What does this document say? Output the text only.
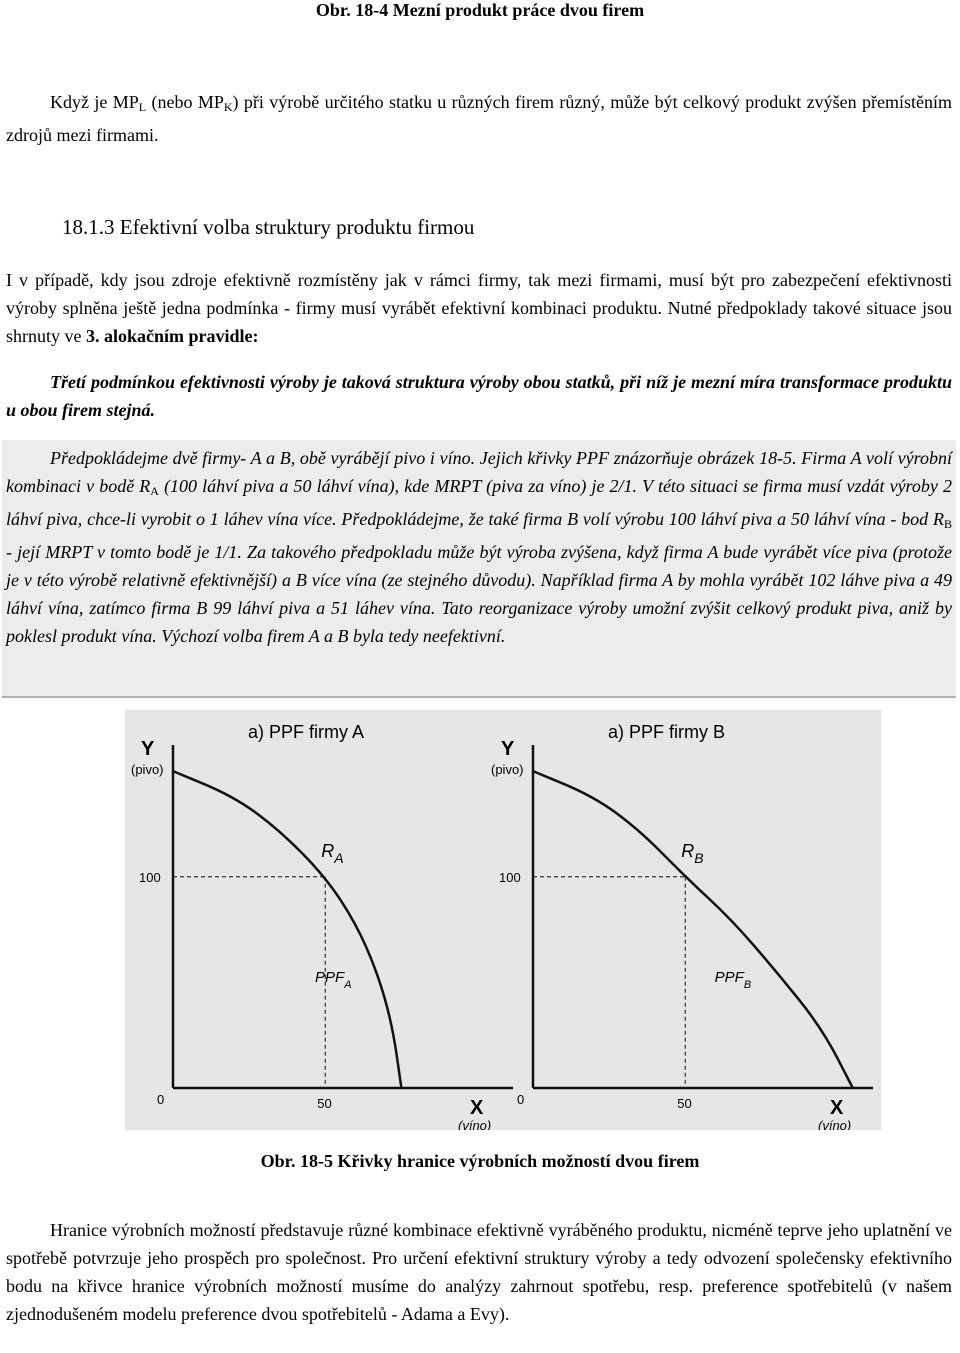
Obr. 18-4 Mezní produkt práce dvou firem

Když je $MP_L$ (nebo $MP_K$) při výrobě určitého statku u různých firem různý, může být celkový produkt zvýšen přemístěním zdrojů mezi firmami.

18.1.3 Efektivní volba struktury produktu firmou

I v případě, kdy jsou zdroje efektivně rozmístěny jak v rámci firmy, tak mezi firmami, musí být pro zabezpečení efektivnosti výroby splněna ještě jedna podmínka - firmy musí vyrábět efektivní kombinaci produktu. Nutné předpoklady takové situace jsou shrnuty ve 3. alokačním pravidle:

Třetí podmínkou efektivnosti výroby je taková struktura výroby obou statků, při níž je mezní míra transformace produktu u obou firem stejná.

Předpokládejme dvě firmy- A a B, obě vyrábějí pivo i víno. Jejich křivky PPF znázorňuje obrázek 18-5. Firma A volí výrobní kombinaci v bodě $R_A$ (100 láhví piva a 50 láhví vína), kde MRPT (piva za víno) je 2/1. V této situaci se firma musí vzdát výroby 2 láhví piva, chce-li vyrobit o 1 láhev vína více. Předpokládejme, že také firma B volí výrobu 100 láhví piva a 50 láhví vína - bod $R_B$ - její MRPT v tomto bodě je 1/1. Za takového předpokladu může být výroba zvýšena, když firma A bude vyrábět více piva (protože je v této výrobě relativně efektivnější) a B více vína (ze stejného důvodu). Například firma A by mohla vyrábět 102 láhve piva a 49 láhví vína, zatímco firma B 99 láhví piva a 51 láhev vína. Tato reorganizace výroby umožní zvýšit celkový produkt piva, aniž by poklesl produkt vína. Výchozí volba firem A a B byla tedy neefektivní.

a) PPF firmy A
Y
(pivo)
X
(víno)
0	50
100
$R_A$
$PPF_A$
a) PPF firmy B
Y
(pivo)
X
(víno)
0	50
100
$R_B$
$PPF_B$

Obr. 18-5 Křivky hranice výrobních možností dvou firem

Hranice výrobních možností představuje různé kombinace efektivně vyráběného produktu, nicméně teprve jeho uplatnění ve spotřebě potvrzuje jeho prospěch pro společnost. Pro určení efektivní struktury výroby a tedy odvození společensky efektivního bodu na křivce hranice výrobních možností musíme do analýzy zahrnout spotřebu, resp. preference spotřebitelů (v našem zjednodušeném modelu preference dvou spotřebitelů - Adama a Evy).
